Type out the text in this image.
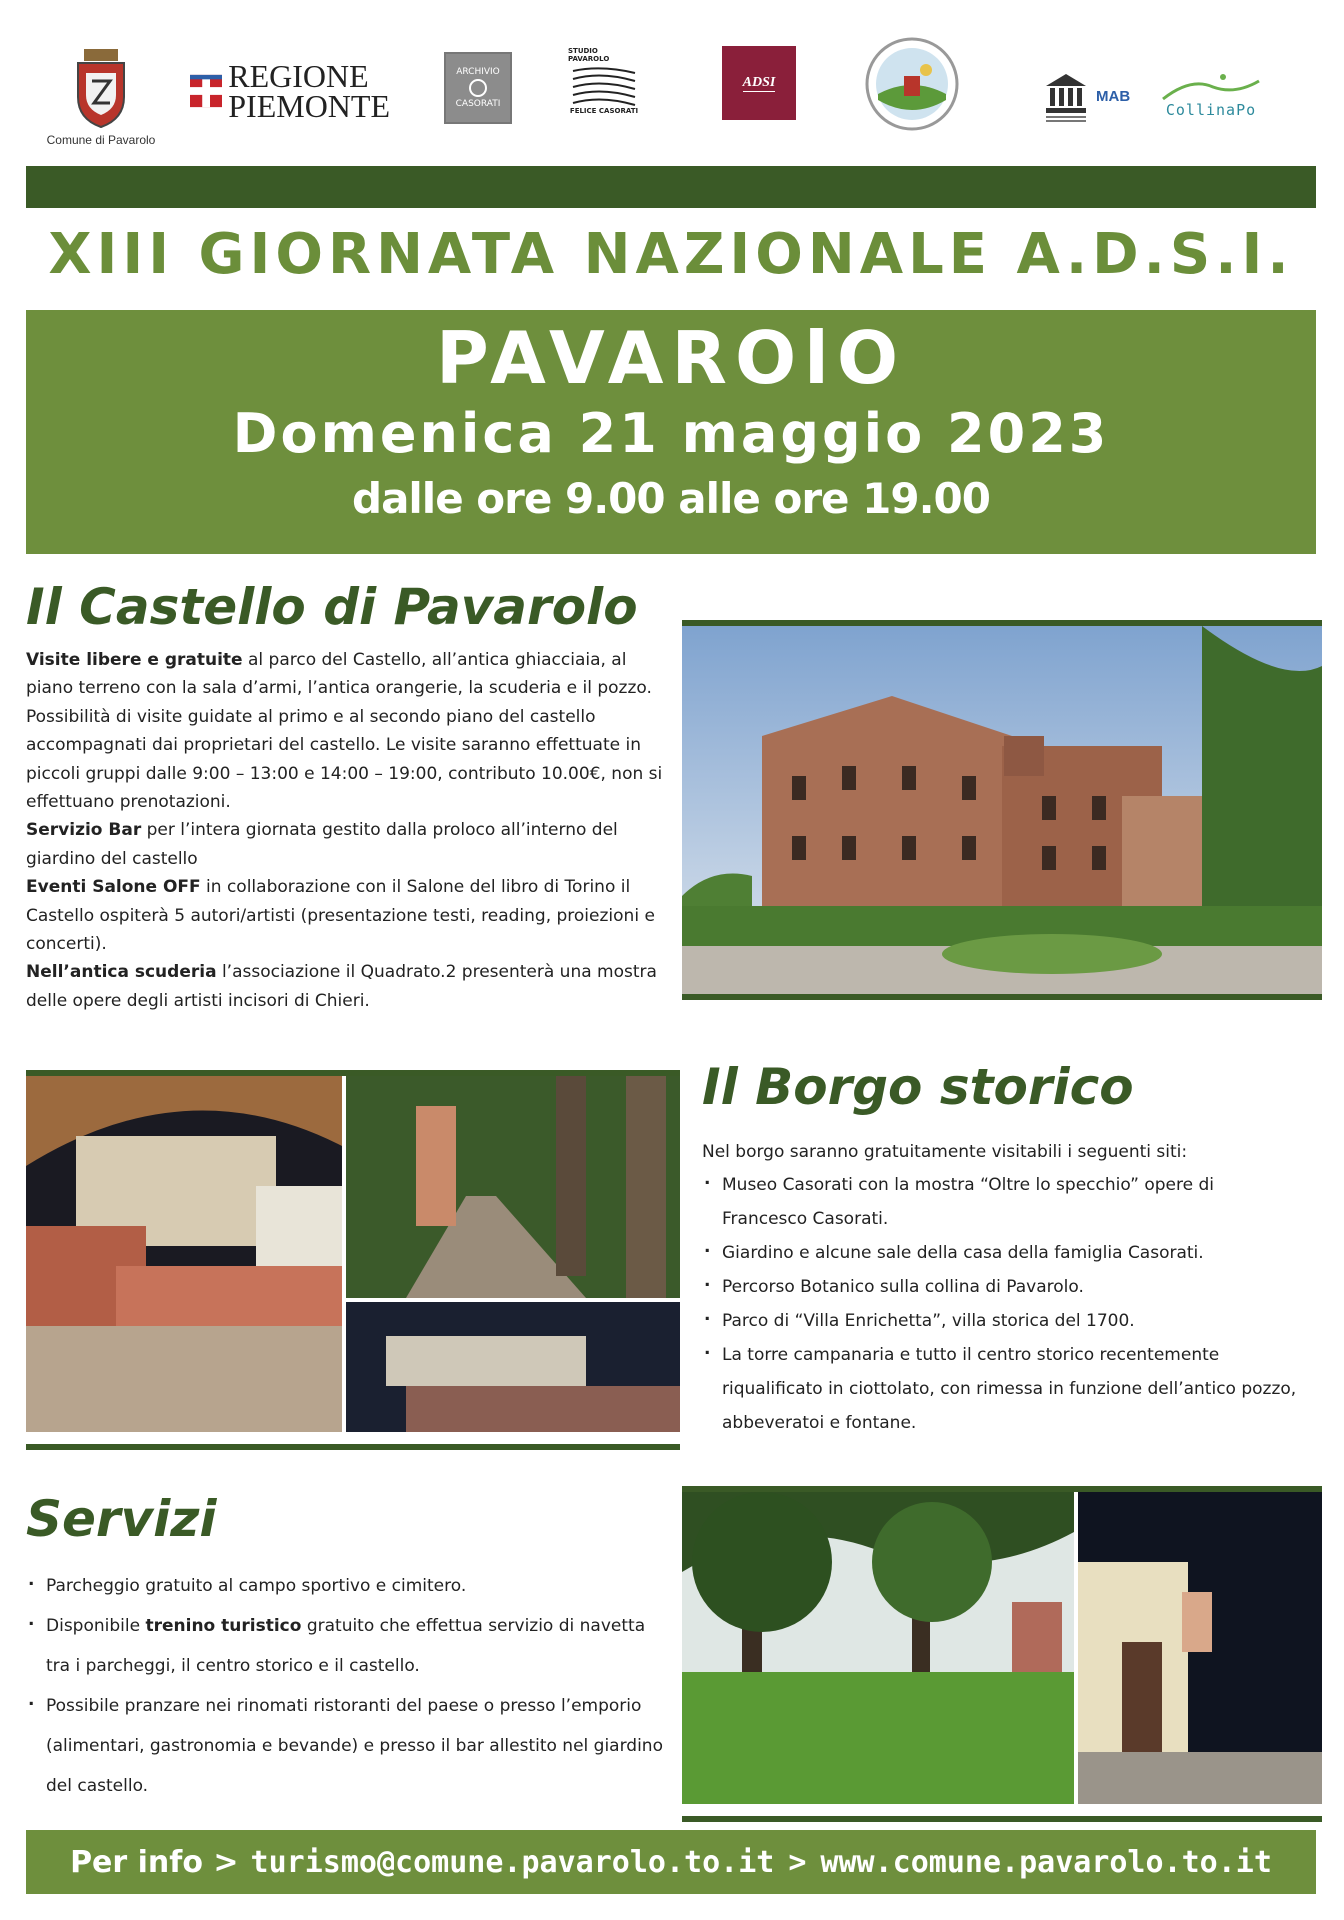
Comune di Pavarolo
REGIONE
PIEMONTE
ARCHIVIO
CASORATI
STUDIO PAVAROLO
FELICE CASORATI
ADSI
MAB
CollinaPo
XIII GIORNATA NAZIONALE A.D.S.I.
PAVAROlO
Domenica 21 maggio 2023
dalle ore 9.00 alle ore 19.00
Il Castello di Pavarolo

Visite libere e gratuite al parco del Castello, all’antica ghiacciaia, al piano terreno con la sala d’armi, l’antica orangerie, la scuderia e il pozzo. Possibilità di visite guidate al primo e al secondo piano del castello accompagnati dai proprietari del castello. Le visite saranno effettuate in piccoli gruppi dalle 9:00 – 13:00 e 14:00 – 19:00, contributo 10.00€, non si effettuano prenotazioni.

Servizio Bar per l’intera giornata gestito dalla proloco all’interno del giardino del castello

Eventi Salone OFF in collaborazione con il Salone del libro di Torino il Castello ospiterà 5 autori/artisti (presentazione testi, reading, proiezioni e concerti).

Nell’antica scuderia l’associazione il Quadrato.2 presenterà una mostra delle opere degli artisti incisori di Chieri.

Il Borgo storico

Nel borgo saranno gratuitamente visitabili i seguenti siti:

. Museo Casorati con la mostra “Oltre lo specchio” opere di Francesco Casorati.
. Giardino e alcune sale della casa della famiglia Casorati.
. Percorso Botanico sulla collina di Pavarolo.
. Parco di “Villa Enrichetta”, villa storica del 1700.
. La torre campanaria e tutto il centro storico recentemente riqualificato in ciottolato, con rimessa in funzione dell’antico pozzo, abbeveratoi e fontane.
Servizi
. Parcheggio gratuito al campo sportivo e cimitero.
. Disponibile trenino turistico gratuito che effettua servizio di navetta tra i parcheggi, il centro storico e il castello.
. Possibile pranzare nei rinomati ristoranti del paese o presso l’emporio (alimentari, gastronomia e bevande) e presso il bar allestito nel giardino del castello.
Per info > turismo@comune.pavarolo.to.it > www.comune.pavarolo.to.it
